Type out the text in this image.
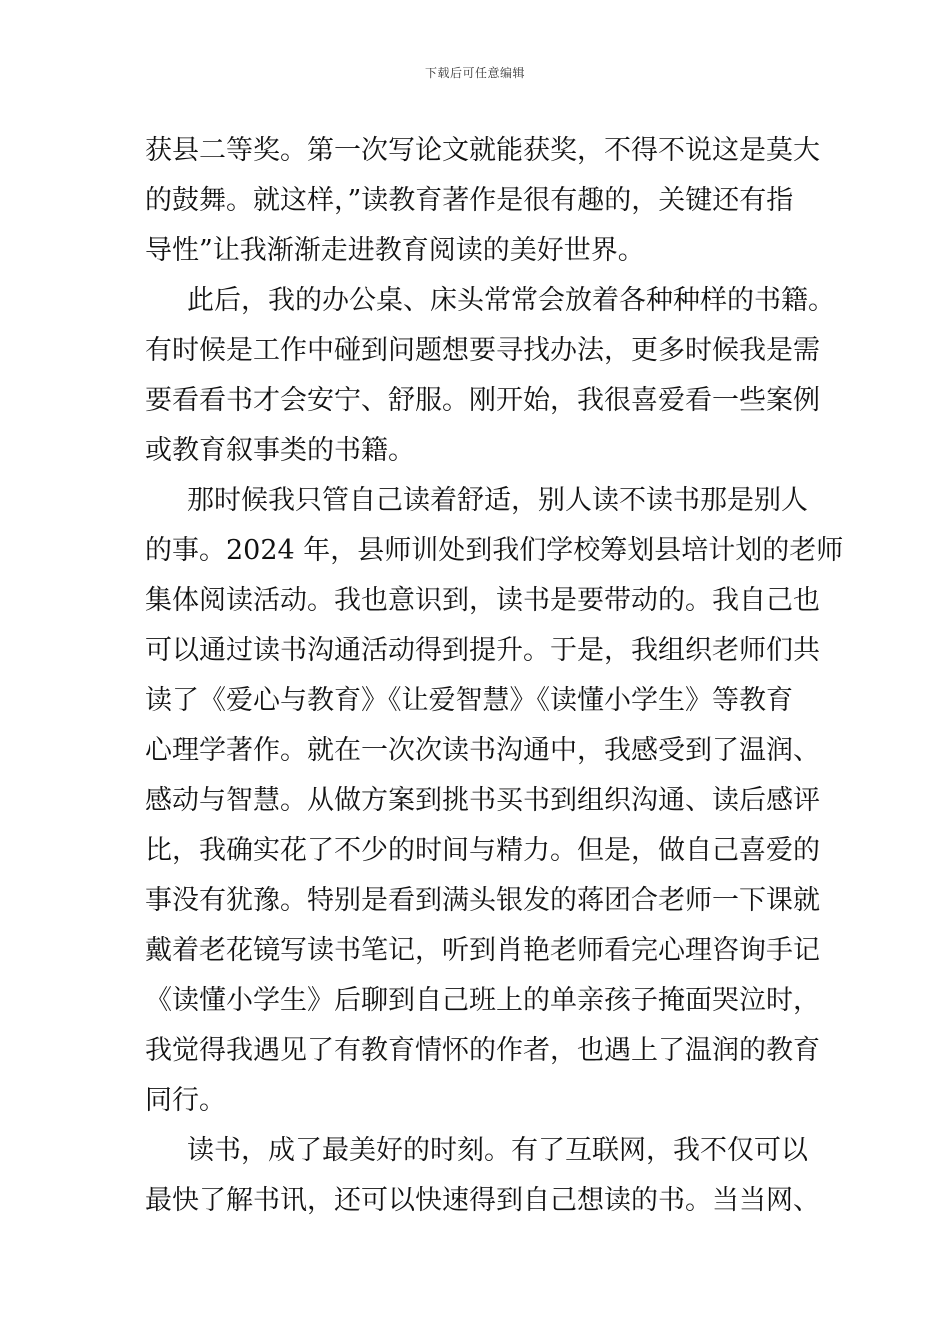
下载后可任意编辑
获县二等奖。第一次写论文就能获奖，不得不说这是莫大
的鼓舞。就这样，”读教育著作是很有趣的，关键还有指
导性”让我渐渐走进教育阅读的美好世界。
此后，我的办公桌、床头常常会放着各种种样的书籍。
有时候是工作中碰到问题想要寻找办法，更多时候我是需
要看看书才会安宁、舒服。刚开始，我很喜爱看一些案例
或教育叙事类的书籍。
那时候我只管自己读着舒适，别人读不读书那是别人
的事。2024 年，县师训处到我们学校筹划县培计划的老师
集体阅读活动。我也意识到，读书是要带动的。我自己也
可以通过读书沟通活动得到提升。于是，我组织老师们共
读了《爱心与教育》《让爱智慧》《读懂小学生》等教育
心理学著作。就在一次次读书沟通中，我感受到了温润、
感动与智慧。从做方案到挑书买书到组织沟通、读后感评
比，我确实花了不少的时间与精力。但是，做自己喜爱的
事没有犹豫。特别是看到满头银发的蒋团合老师一下课就
戴着老花镜写读书笔记，听到肖艳老师看完心理咨询手记
《读懂小学生》后聊到自己班上的单亲孩子掩面哭泣时，
我觉得我遇见了有教育情怀的作者，也遇上了温润的教育
同行。
读书，成了最美好的时刻。有了互联网，我不仅可以
最快了解书讯，还可以快速得到自己想读的书。当当网、
